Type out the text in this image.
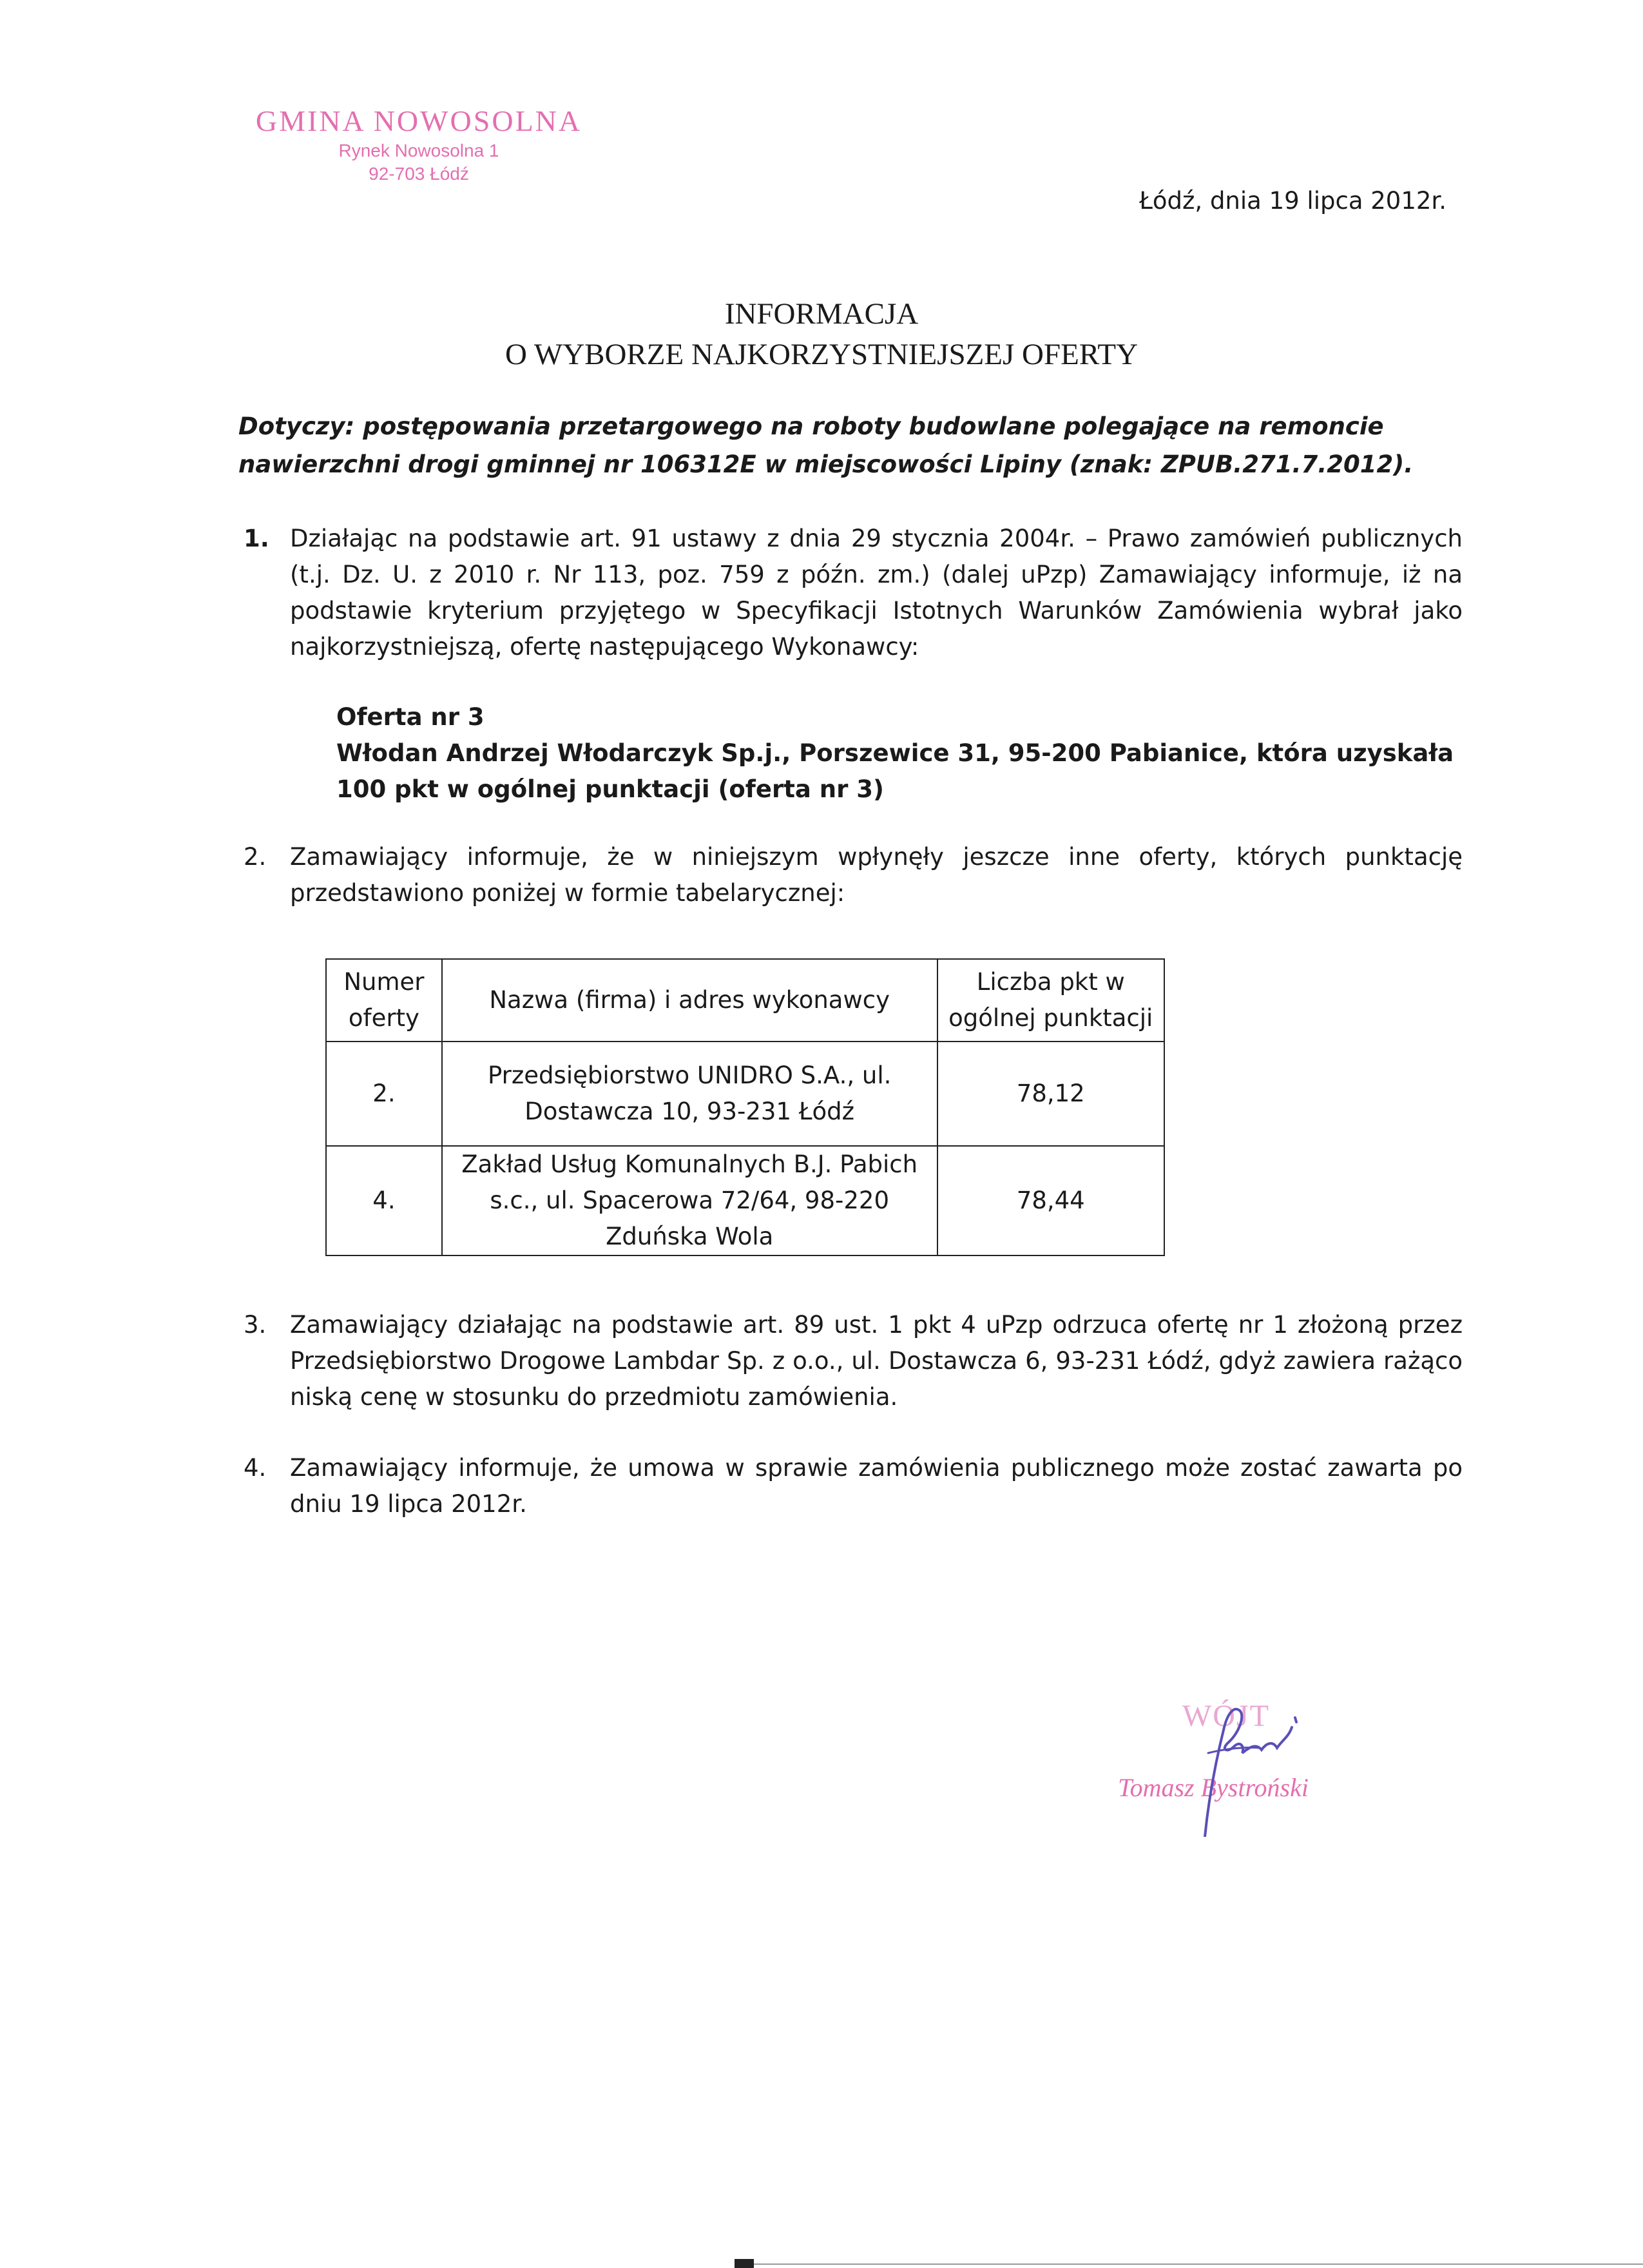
GMINA NOWOSOLNA
Rynek Nowosolna 1
92-703 Łódź
Łódź, dnia 19 lipca 2012r.
INFORMACJA
O WYBORZE NAJKORZYSTNIEJSZEJ OFERTY
Dotyczy: postępowania przetargowego na roboty budowlane polegające na remoncie nawierzchni drogi gminnej nr 106312E w miejscowości Lipiny (znak: ZPUB.271.7.2012).
1. Działając na podstawie art. 91 ustawy z dnia 29 stycznia 2004r. – Prawo zamówień publicznych (t.j. Dz. U. z 2010 r. Nr 113, poz. 759 z późn. zm.) (dalej uPzp) Zamawiający informuje, iż na podstawie kryterium przyjętego w Specyfikacji Istotnych Warunków Zamówienia wybrał jako najkorzystniejszą, ofertę następującego Wykonawcy:
Oferta nr 3
Włodan Andrzej Włodarczyk Sp.j., Porszewice 31, 95-200 Pabianice, która uzyskała 100 pkt w ogólnej punktacji (oferta nr 3)
2. Zamawiający informuje, że w niniejszym wpłynęły jeszcze inne oferty, których punktację przedstawiono poniżej w formie tabelarycznej:
Numer oferty	Nazwa (firma) i adres wykonawcy	Liczba pkt w ogólnej punktacji
2.	Przedsiębiorstwo UNIDRO S.A., ul. Dostawcza 10, 93-231 Łódź	78,12
4.	Zakład Usług Komunalnych B.J. Pabich s.c., ul. Spacerowa 72/64, 98-220 Zduńska Wola	78,44
3. Zamawiający działając na podstawie art. 89 ust. 1 pkt 4 uPzp odrzuca ofertę nr 1 złożoną przez Przedsiębiorstwo Drogowe Lambdar Sp. z o.o., ul. Dostawcza 6, 93-231 Łódź, gdyż zawiera rażąco niską cenę w stosunku do przedmiotu zamówienia.
4. Zamawiający informuje, że umowa w sprawie zamówienia publicznego może zostać zawarta po dniu 19 lipca 2012r.
WÓJT
Tomasz Bystroński
